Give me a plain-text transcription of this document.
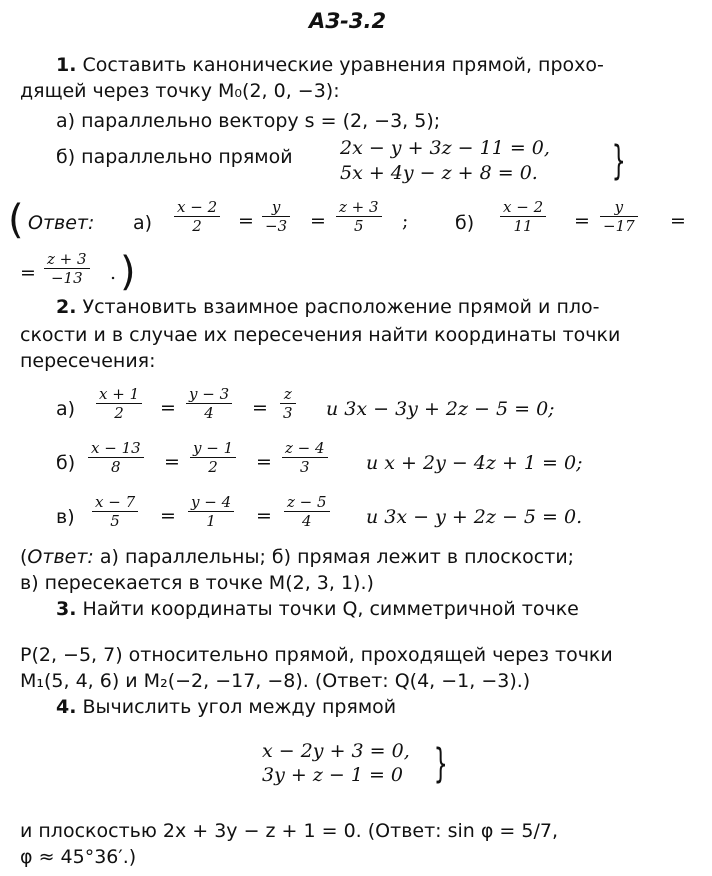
АЗ-3.2
1. Составить канонические уравнения прямой, прохо-
дящей через точку M₀(2, 0, −3):
а) параллельно вектору s = (2, −3, 5);
б) параллельно прямой 2x − y + 3z − 11 = 0,
5x + 4y − z + 8 = 0. }
( Ответ: $а) \frac{x - 2}{2} = \frac{y}{-3} = \frac{z + 3}{5}$ ; $б) \frac{x - 2}{11} = \frac{y}{-17}$ =
= $\frac{z + 3}{-13}$ . )
2. Установить взаимное расположение прямой и пло-
скости и в случае их пересечения найти координаты точки
пересечения:
$а) \frac{x + 1}{2} = \frac{y - 3}{4} = \frac{z}{3}$ и 3x − 3y + 2z − 5 = 0;
$б) \frac{x - 13}{8} = \frac{y - 1}{2} = \frac{z - 4}{3}$ и x + 2y − 4z + 1 = 0;
$в) \frac{x - 7}{5} = \frac{y - 4}{1} = \frac{z - 5}{4}$ и 3x − y + 2z − 5 = 0.
(Ответ: а) параллельны; б) прямая лежит в плоскости;
в) пересекается в точке M(2, 3, 1).)
3. Найти координаты точки Q, симметричной точке
P(2, −5, 7) относительно прямой, проходящей через точки
M₁(5, 4, 6) и M₂(−2, −17, −8). (Ответ: Q(4, −1, −3).)
4. Вычислить угол между прямой
x − 2y + 3 = 0,
3y + z − 1 = 0 }
и плоскостью 2x + 3y − z + 1 = 0. (Ответ: sin φ = 5/7,
φ ≈ 45°36′.)
